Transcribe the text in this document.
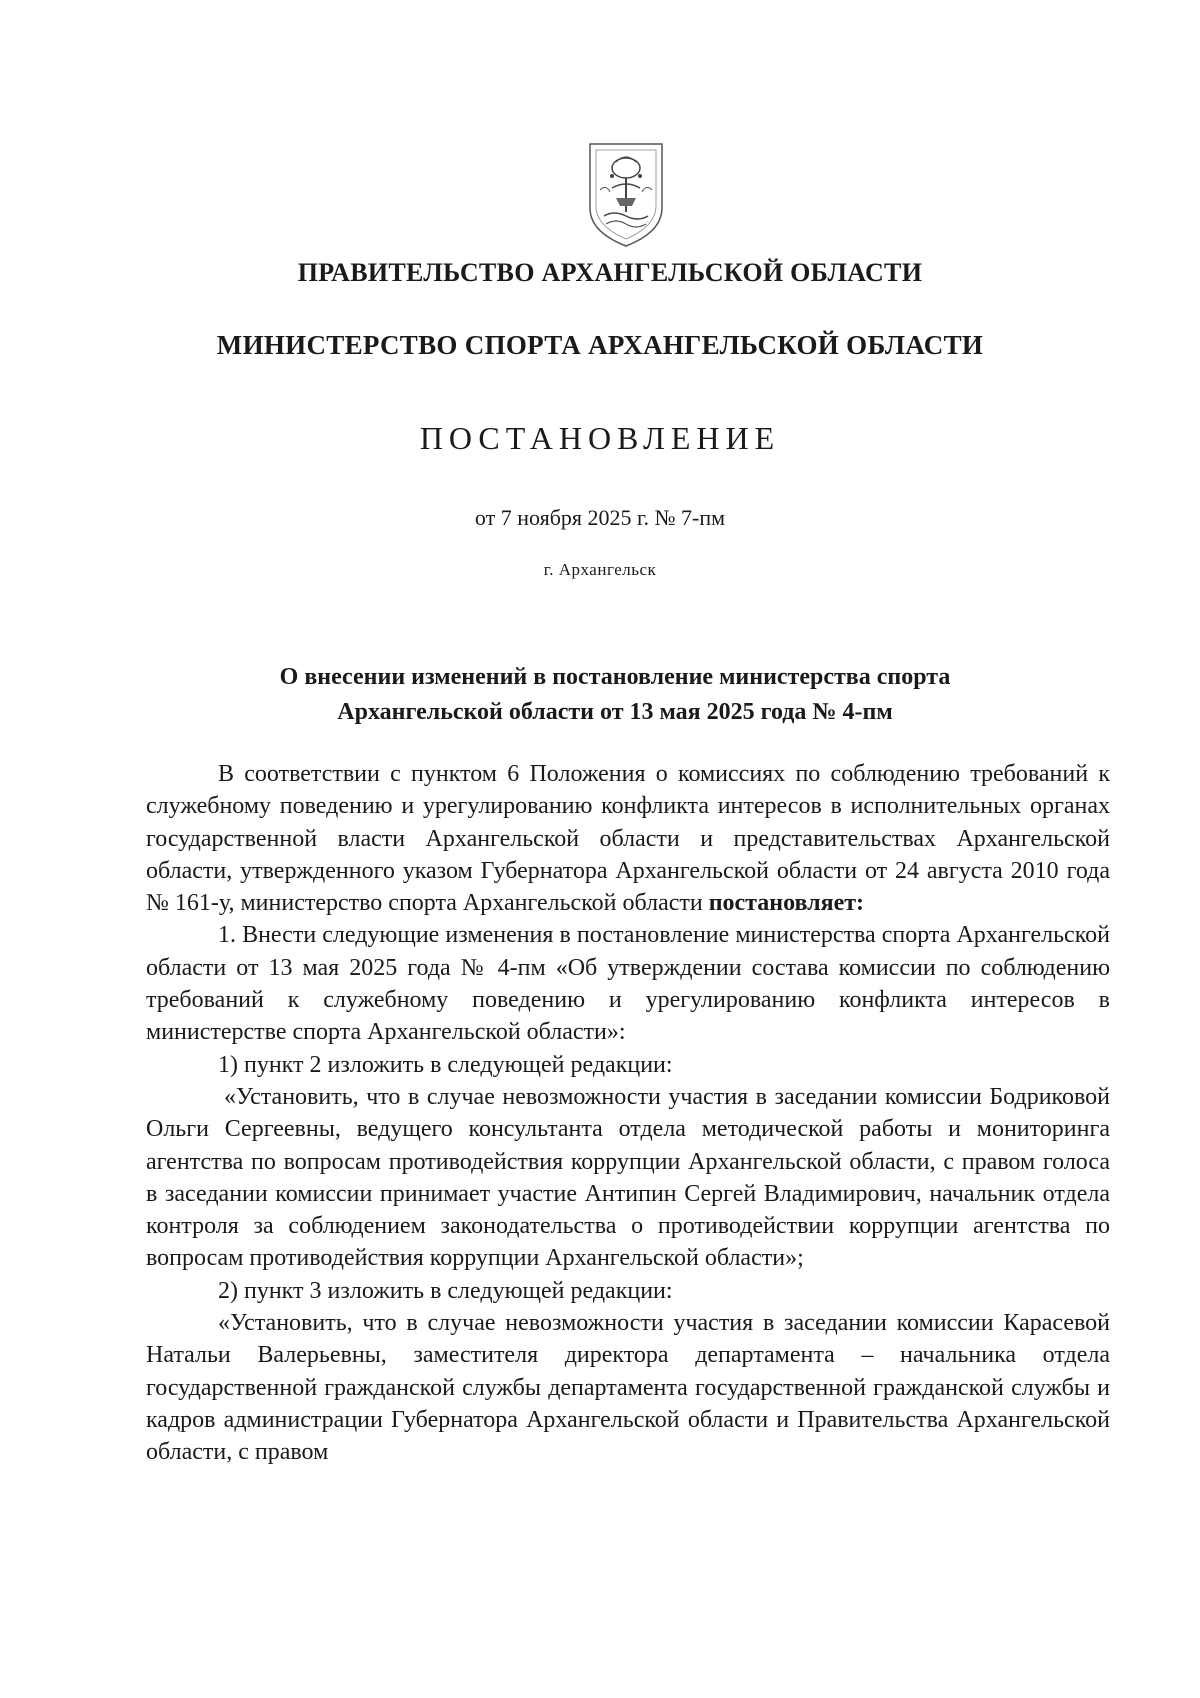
ПРАВИТЕЛЬСТВО АРХАНГЕЛЬСКОЙ ОБЛАСТИ
МИНИСТЕРСТВО СПОРТА АРХАНГЕЛЬСКОЙ ОБЛАСТИ
ПОСТАНОВЛЕНИЕ
от 7 ноября 2025 г. № 7-пм
г. Архангельск
О внесении изменений в постановление министерства спорта
Архангельской области от 13 мая 2025 года № 4-пм

В соответствии с пунктом 6 Положения о комиссиях по соблюдению требований к служебному поведению и урегулированию конфликта интересов в исполнительных органах государственной власти Архангельской области и представительствах Архангельской области, утвержденного указом Губернатора Архангельской области от 24 августа 2010 года № 161-у, министерство спорта Архангельской области постановляет:

1. Внести следующие изменения в постановление министерства спорта Архангельской области от 13 мая 2025 года № 4-пм «Об утверждении состава комиссии по соблюдению требований к служебному поведению и урегулированию конфликта интересов в министерстве спорта Архангельской области»:

1) пункт 2 изложить в следующей редакции:

«Установить, что в случае невозможности участия в заседании комиссии Бодриковой Ольги Сергеевны, ведущего консультанта отдела методической работы и мониторинга агентства по вопросам противодействия коррупции Архангельской области, с правом голоса в заседании комиссии принимает участие Антипин Сергей Владимирович, начальник отдела контроля за соблюдением законодательства о противодействии коррупции агентства по вопросам противодействия коррупции Архангельской области»;

2) пункт 3 изложить в следующей редакции:

«Установить, что в случае невозможности участия в заседании комиссии Карасевой Натальи Валерьевны, заместителя директора департамента – начальника отдела государственной гражданской службы департамента государственной гражданской службы и кадров администрации Губернатора Архангельской области и Правительства Архангельской области, с правом
